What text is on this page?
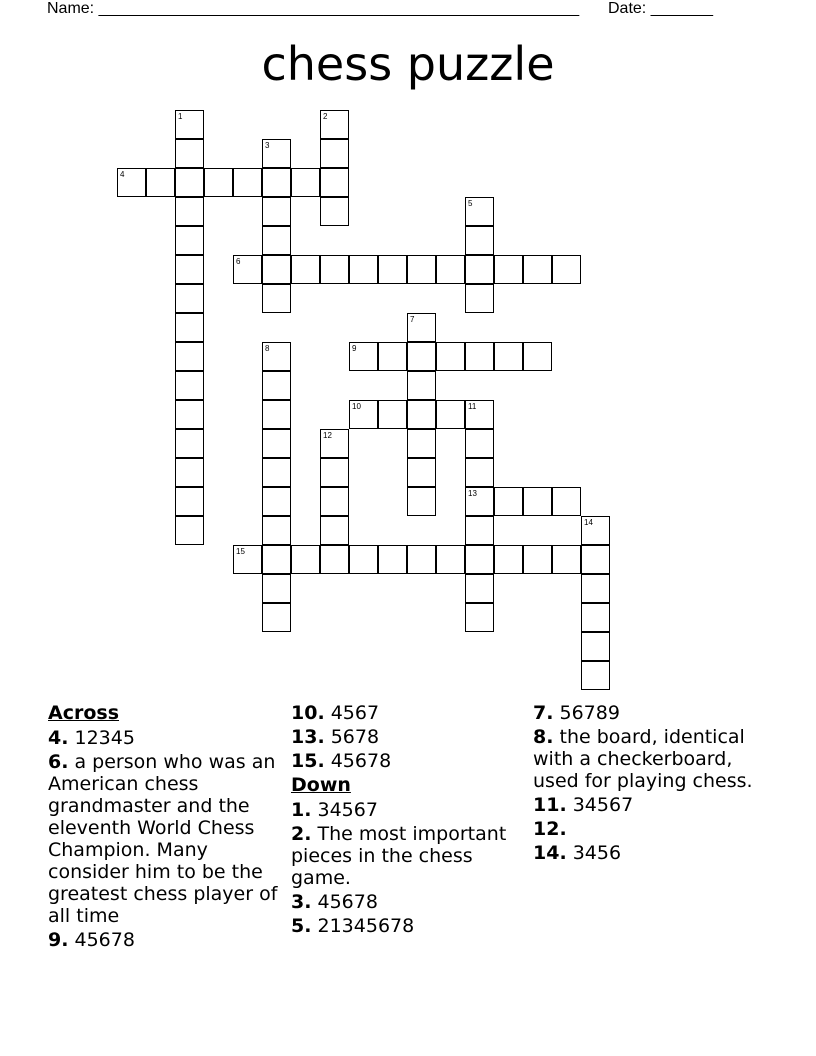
Name: ______________________________________________________ Date: _______
chess puzzle
1	2
3
4
5
6
7
8	9
10	11
13
12
14
15
Across
4. 12345
6. a person who was an American chess grandmaster and the eleventh World Chess Champion. Many consider him to be the greatest chess player of all time
9. 45678
10. 4567
13. 5678
15. 45678
Down
1. 34567
2. The most important pieces in the chess game.
3. 45678
5. 21345678
7. 56789
8. the board, identical with a checkerboard, used for playing chess.
11. 34567
12.
14. 3456
